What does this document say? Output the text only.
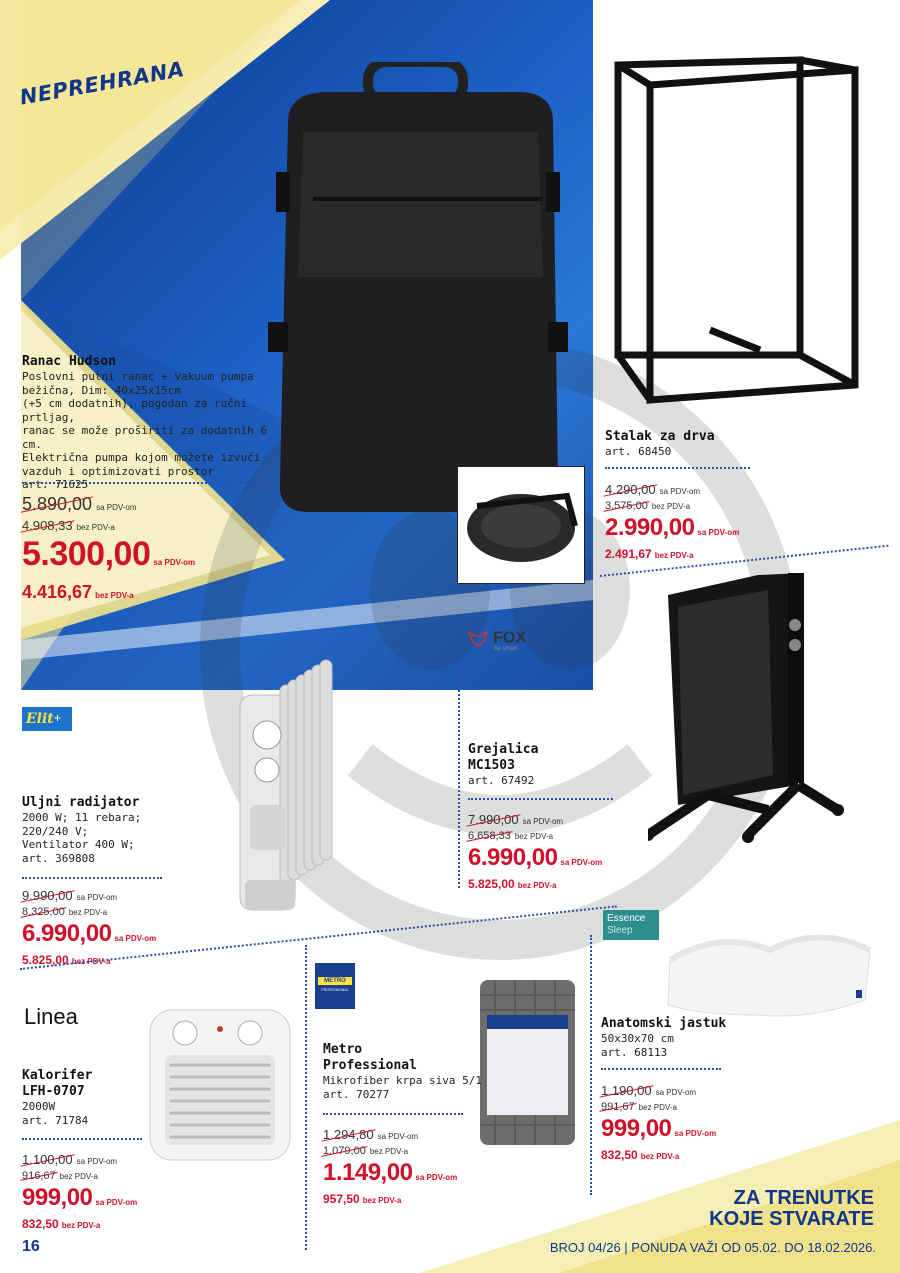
NEPREHRANA

Ranac Hudson

Poslovni putni ranac + vakuum pumpa

bežična, Dim: 40x25x15cm

(+5 cm dodatnih), pogodan za ručni prtljag,

ranac se može proširiti za dodatnih 6 cm.

Električna pumpa kojom možete izvući

vazduh i optimizovati prostor

art. 71625

5.890,00 sa PDV-om
4.908,33 bez PDV-a
5.300,00 sa PDV-om
4.416,67 bez PDV-a

Stalak za drva

art. 68450

4.290,00 sa PDV-om
3.575,00 bez PDV-a
2.990,00 sa PDV-om
2.491,67 bez PDV-a
FOX
be smart

Grejalica

MC1503

art. 67492

7.990,00 sa PDV-om
6.658,33 bez PDV-a
6.990,00 sa PDV-om
5.825,00 bez PDV-a
Elit+

Uljni radijator

2000 W; 11 rebara;

220/240 V;

Ventilator 400 W;

art. 369808

9.990,00 sa PDV-om
8.325,00 bez PDV-a
6.990,00 sa PDV-om
5.825,00 bez PDV-a
Essence
Sleep

Anatomski jastuk

50x30x70 cm

art. 68113

1.190,00 sa PDV-om
991,67 bez PDV-a
999,00 sa PDV-om
832,50 bez PDV-a
METRO
PROFESSIONAL

Metro

Professional

Mikrofiber krpa siva 5/1

art. 70277

1.294,80 sa PDV-om
1.079,00 bez PDV-a
1.149,00 sa PDV-om
957,50 bez PDV-a
Linea

Kalorifer

LFH-0707

2000W

art. 71784

1.100,00 sa PDV-om
916,67 bez PDV-a
999,00 sa PDV-om
832,50 bez PDV-a
16
ZA TRENUTKE
KOJE STVARATE
BROJ 04/26 | PONUDA VAŽI OD 05.02. DO 18.02.2026.
